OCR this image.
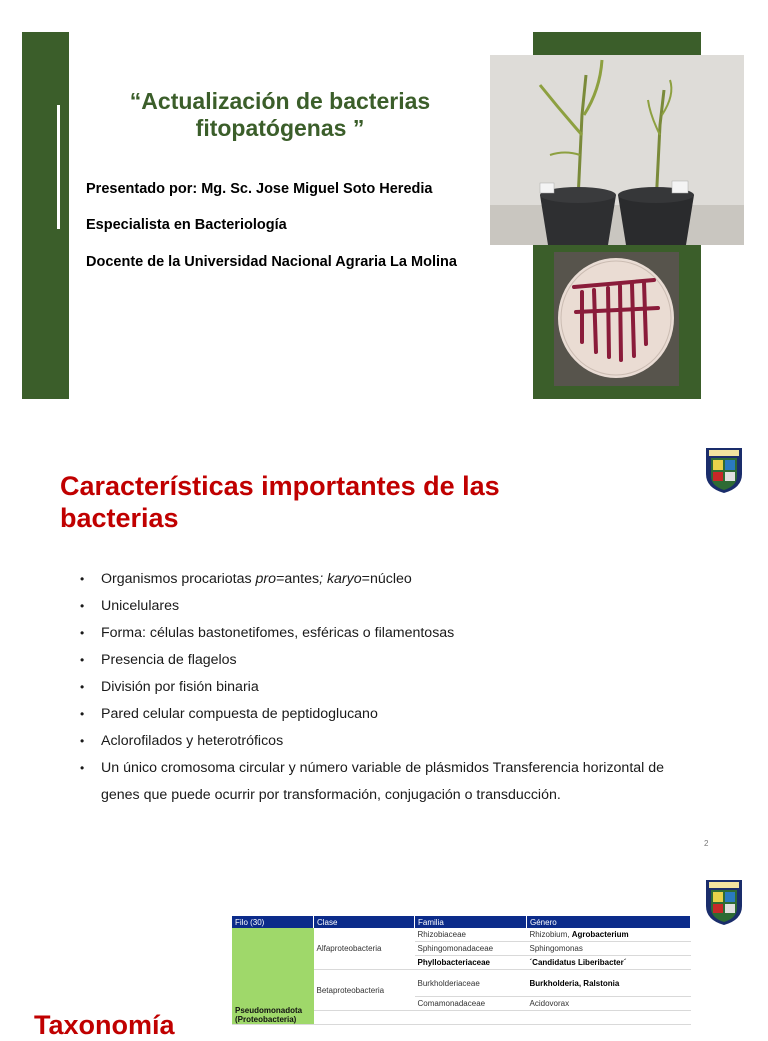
“Actualización de bacterias
fitopatógenas ”
Presentado por: Mg. Sc. Jose Miguel Soto Heredia
Especialista en Bacteriología
Docente de la Universidad Nacional Agraria La Molina
Características importantes de las bacterias
• Organismos procariotas pro=antes; karyo=núcleo
• Unicelulares
• Forma: células bastonetifomes, esféricas o filamentosas
• Presencia de flagelos
• División por fisión binaria
• Pared celular compuesta de peptidoglucano
• Aclorofilados y heterotróficos
• Un único cromosoma circular y número variable de plásmidos Transferencia horizontal de genes que puede ocurrir por transformación, conjugación o transducción.
2
Filo (30)	Clase	Familia	Género
Pseudomonadota (Proteobacteria)	Alfaproteobacteria	Rhizobiaceae	Rhizobium, Agrobacterium
		Sphingomonadaceae	Sphingomonas
		Phyllobacteriaceae	´Candidatus Liberibacter´
	Betaproteobacteria	Burkholderiaceae	Burkholderia, Ralstonia
		Comamonadaceae	Acidovorax

Taxonomía
